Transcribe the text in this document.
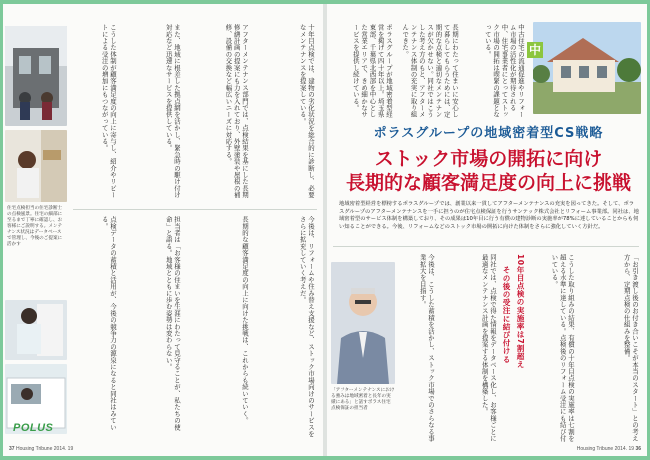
POLUS
住宅点検担当の住宅診断士の点検風景。住宅の細部に至るまで丁寧に確認し、お客様にご説明する。メンテナンス状況はデータベースで管理し、今後のご提案に活かす
十年目点検では、建物の劣化状況を総合的に診断し、必要なメンテナンスを提案している。
アフターメンテナンス部門では、点検結果を基にした長期修繕計画の提案にも力を入れており、外壁塗装や屋根の補修、設備の交換など幅広いニーズに対応する。
また、地域に根差した拠点網を活かし、緊急時の駆け付け対応など迅速なサービスを提供している。
こうした体制が顧客満足度の向上に寄与し、紹介やリピートによる受注の増加にもつながっている。
今後は、リフォームや住み替え支援など、ストック市場向けのサービスをさらに拡充していく考えだ。
長期的な顧客満足度の向上に向けた挑戦は、これからも続いていく。
担当者は「お客様の住まいを生涯にわたって見守ることが、私たちの使命」と語る。地域とともに歩む姿勢は変わらない。
点検データの蓄積と活用が、今後の競争力の源泉になると同社はみている。
37 Housing Tribune 2014. 19
中
中古住宅の流通促進やリフォーム市場の活性化が期待される中、住宅事業者にとってストック市場の開拓は喫緊の課題となっている。
長期にわたって住まいに安心して暮らしてもらうためには、定期的な点検と適切なメンテナンスが欠かせない。同社ではこうした考え方のもと、アフターメンテナンス体制の充実に取り組んできた。
ポラスグループが地域密着型経営を掲げて四十年以上。埼玉県東部、千葉県北西部を中心とした営業エリアで、きめ細かなサービスを提供し続けている。
ポラスグループの地域密着型CS戦略
ストック市場の開拓に向け
長期的な顧客満足度の向上に挑戦
地域密着型経営を標榜するポラスグループでは、創業以来一貫してアフターメンテナンスの充実を図ってきた。そして、ポラスグループのアフターメンテナンスを一手に担うのが住宅点検保証を行うサンテック株式会社とリフォーム事業部。同社は、地域密着型のサービス体制を構築しており、その成果は10年目に行う有償の建物診断の実施率が78%に達していることからも伺い知ることができる。今後、リフォームなどのストック市場の開拓に向けた体制をさらに強化していく方針だ。
「お引き渡し後のお付き合いこそが本当のスタート」との考え方から、定期点検の仕組みを整備。
こうした取り組みの結果、有償の十年目点検の実施率は七割を超える水準に達している。点検後のリフォーム受注にも結び付いている。
10年目点検の実施率は7割超え
その後の受注に結び付ける
同社では、点検で得た情報をデータベース化し、お客様ごとに最適なメンテナンス計画を提案する体制を構築した。
今後は、こうした蓄積を活かし、ストック市場でのさらなる事業拡大を目指す。
「アフターメンテナンスにおける強みは地域密着と長年の実績にある」と話すポラス住宅点検保証の担当者
Housing Tribune 2014. 19 36
